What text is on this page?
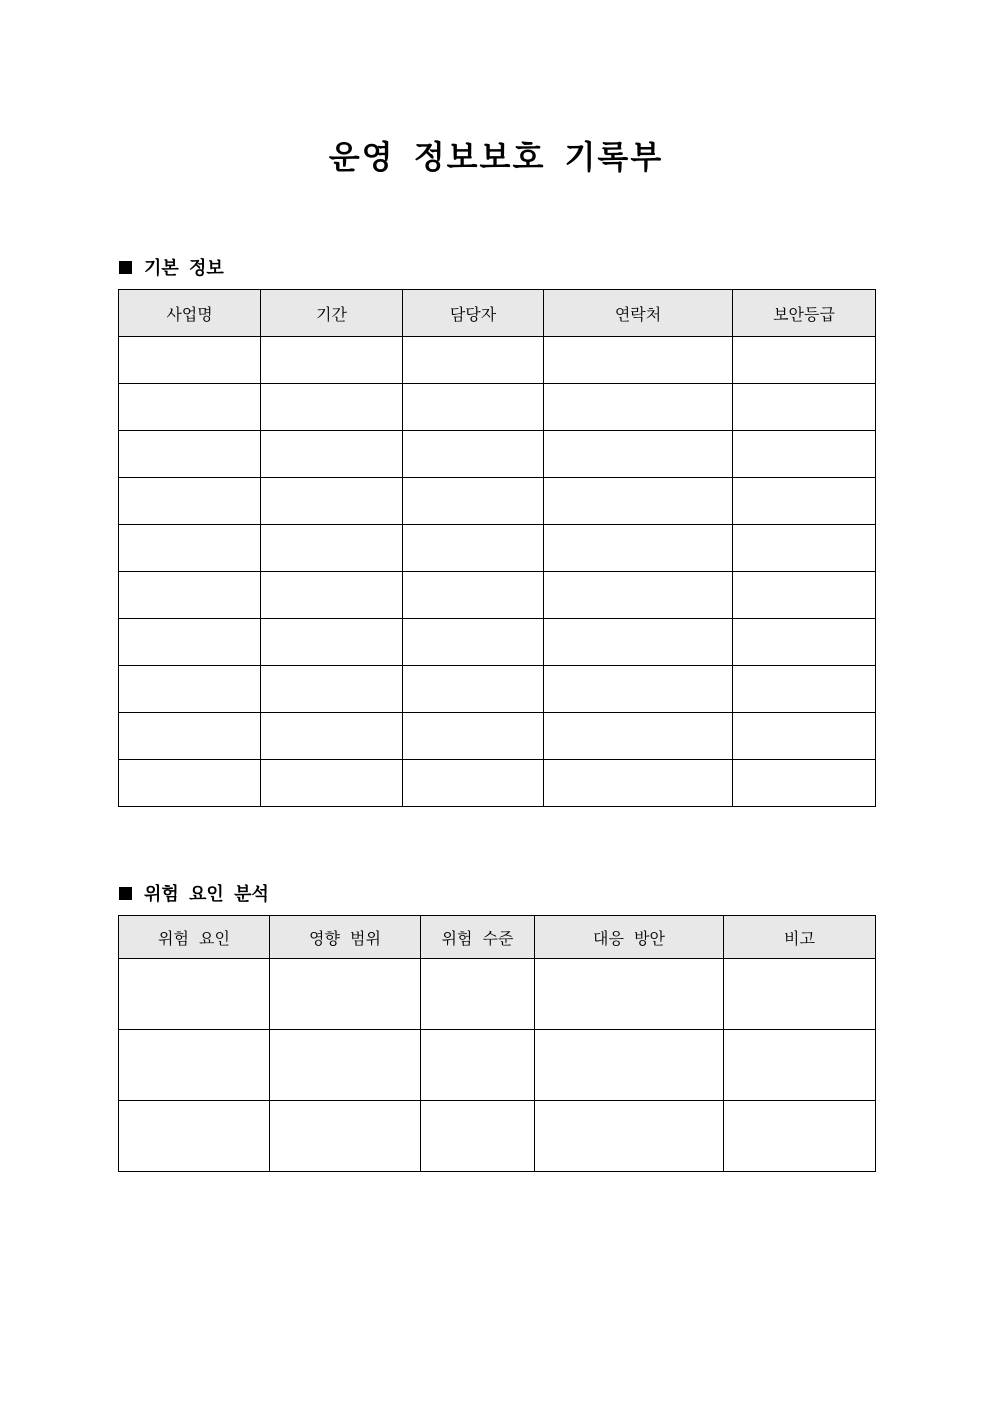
운영 정보보호 기록부
기본 정보
사업명	기간	담당자	연락처	보안등급

위험 요인 분석
위험 요인	영향 범위	위험 수준	대응 방안	비고
